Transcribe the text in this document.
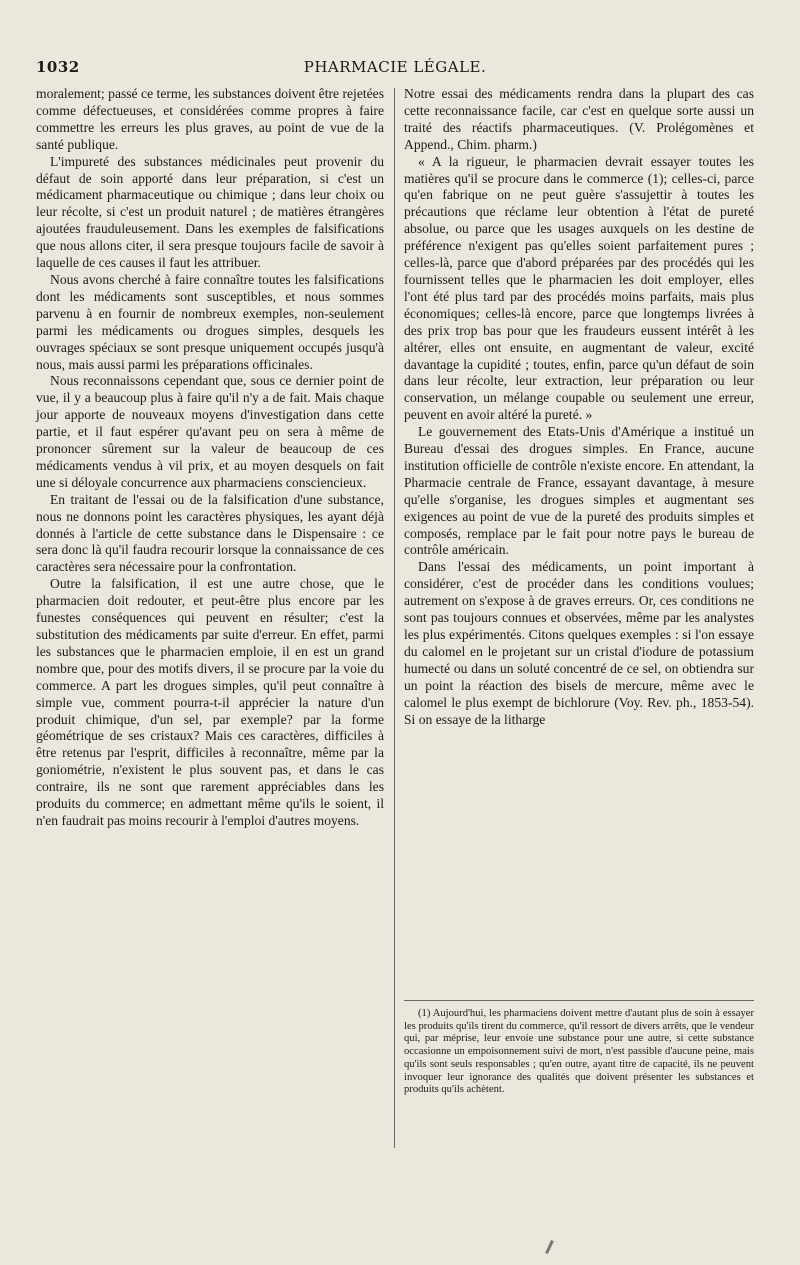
1032	PHARMACIE LÉGALE.

moralement; passé ce terme, les substances doivent être rejetées comme défectueuses, et considérées comme propres à faire commettre les erreurs les plus graves, au point de vue de la santé publique.

L'impureté des substances médicinales peut provenir du défaut de soin apporté dans leur préparation, si c'est un médicament pharmaceutique ou chimique ; dans leur choix ou leur récolte, si c'est un produit naturel ; de matières étrangères ajoutées frauduleusement. Dans les exemples de falsifications que nous allons citer, il sera presque toujours facile de savoir à laquelle de ces causes il faut les attribuer.

Nous avons cherché à faire connaître toutes les falsifications dont les médicaments sont susceptibles, et nous sommes parvenu à en fournir de nombreux exemples, non-seulement parmi les médicaments ou drogues simples, desquels les ouvrages spéciaux se sont presque uniquement occupés jusqu'à nous, mais aussi parmi les préparations officinales.

Nous reconnaissons cependant que, sous ce dernier point de vue, il y a beaucoup plus à faire qu'il n'y a de fait. Mais chaque jour apporte de nouveaux moyens d'investigation dans cette partie, et il faut espérer qu'avant peu on sera à même de prononcer sûrement sur la valeur de beaucoup de ces médicaments vendus à vil prix, et au moyen desquels on fait une si déloyale concurrence aux pharmaciens consciencieux.

En traitant de l'essai ou de la falsification d'une substance, nous ne donnons point les caractères physiques, les ayant déjà donnés à l'article de cette substance dans le Dispensaire : ce sera donc là qu'il faudra recourir lorsque la connaissance de ces caractères sera nécessaire pour la confrontation.

Outre la falsification, il est une autre chose, que le pharmacien doit redouter, et peut-être plus encore par les funestes conséquences qui peuvent en résulter; c'est la substitution des médicaments par suite d'erreur. En effet, parmi les substances que le pharmacien emploie, il en est un grand nombre que, pour des motifs divers, il se procure par la voie du commerce. A part les drogues simples, qu'il peut connaître à simple vue, comment pourra-t-il apprécier la nature d'un produit chimique, d'un sel, par exemple? par la forme géométrique de ses cristaux? Mais ces caractères, difficiles à être retenus par l'esprit, difficiles à reconnaître, même par la goniométrie, n'existent le plus souvent pas, et dans le cas contraire, ils ne sont que rarement appréciables dans les produits du commerce; en admettant même qu'ils le soient, il n'en faudrait pas moins recourir à l'emploi d'autres moyens.

Notre essai des médicaments rendra dans la plupart des cas cette reconnaissance facile, car c'est en quelque sorte aussi un traité des réactifs pharmaceutiques. (V. Prolégomènes et Append., Chim. pharm.)

« A la rigueur, le pharmacien devrait essayer toutes les matières qu'il se procure dans le commerce (1); celles-ci, parce qu'en fabrique on ne peut guère s'assujettir à toutes les précautions que réclame leur obtention à l'état de pureté absolue, ou parce que les usages auxquels on les destine de préférence n'exigent pas qu'elles soient parfaitement pures ; celles-là, parce que d'abord préparées par des procédés qui les fournissent telles que le pharmacien les doit employer, elles l'ont été plus tard par des procédés moins parfaits, mais plus économiques; celles-là encore, parce que longtemps livrées à des prix trop bas pour que les fraudeurs eussent intérêt à les altérer, elles ont ensuite, en augmentant de valeur, excité davantage la cupidité ; toutes, enfin, parce qu'un défaut de soin dans leur récolte, leur extraction, leur préparation ou leur conservation, un mélange coupable ou seulement une erreur, peuvent en avoir altéré la pureté. »

Le gouvernement des Etats-Unis d'Amérique a institué un Bureau d'essai des drogues simples. En France, aucune institution officielle de contrôle n'existe encore. En attendant, la Pharmacie centrale de France, essayant davantage, à mesure qu'elle s'organise, les drogues simples et augmentant ses exigences au point de vue de la pureté des produits simples et composés, remplace par le fait pour notre pays le bureau de contrôle américain.

Dans l'essai des médicaments, un point important à considérer, c'est de procéder dans les conditions voulues; autrement on s'expose à de graves erreurs. Or, ces conditions ne sont pas toujours connues et observées, même par les analystes les plus expérimentés. Citons quelques exemples : si l'on essaye du calomel en le projetant sur un cristal d'iodure de potassium humecté ou dans un soluté concentré de ce sel, on obtiendra sur un point la réaction des bisels de mercure, même avec le calomel le plus exempt de bichlorure (Voy. Rev. ph., 1853-54). Si on essaye de la litharge

(1) Aujourd'hui, les pharmaciens doivent mettre d'autant plus de soin à essayer les produits qu'ils tirent du commerce, qu'il ressort de divers arrêts, que le vendeur qui, par méprise, leur envoie une substance pour une autre, si cette substance occasionne un empoisonnement suivi de mort, n'est passible d'aucune peine, mais qu'ils sont seuls responsables ; qu'en outre, ayant titre de capacité, ils ne peuvent invoquer leur ignorance des qualités que doivent présenter les substances et produits qu'ils achètent.
